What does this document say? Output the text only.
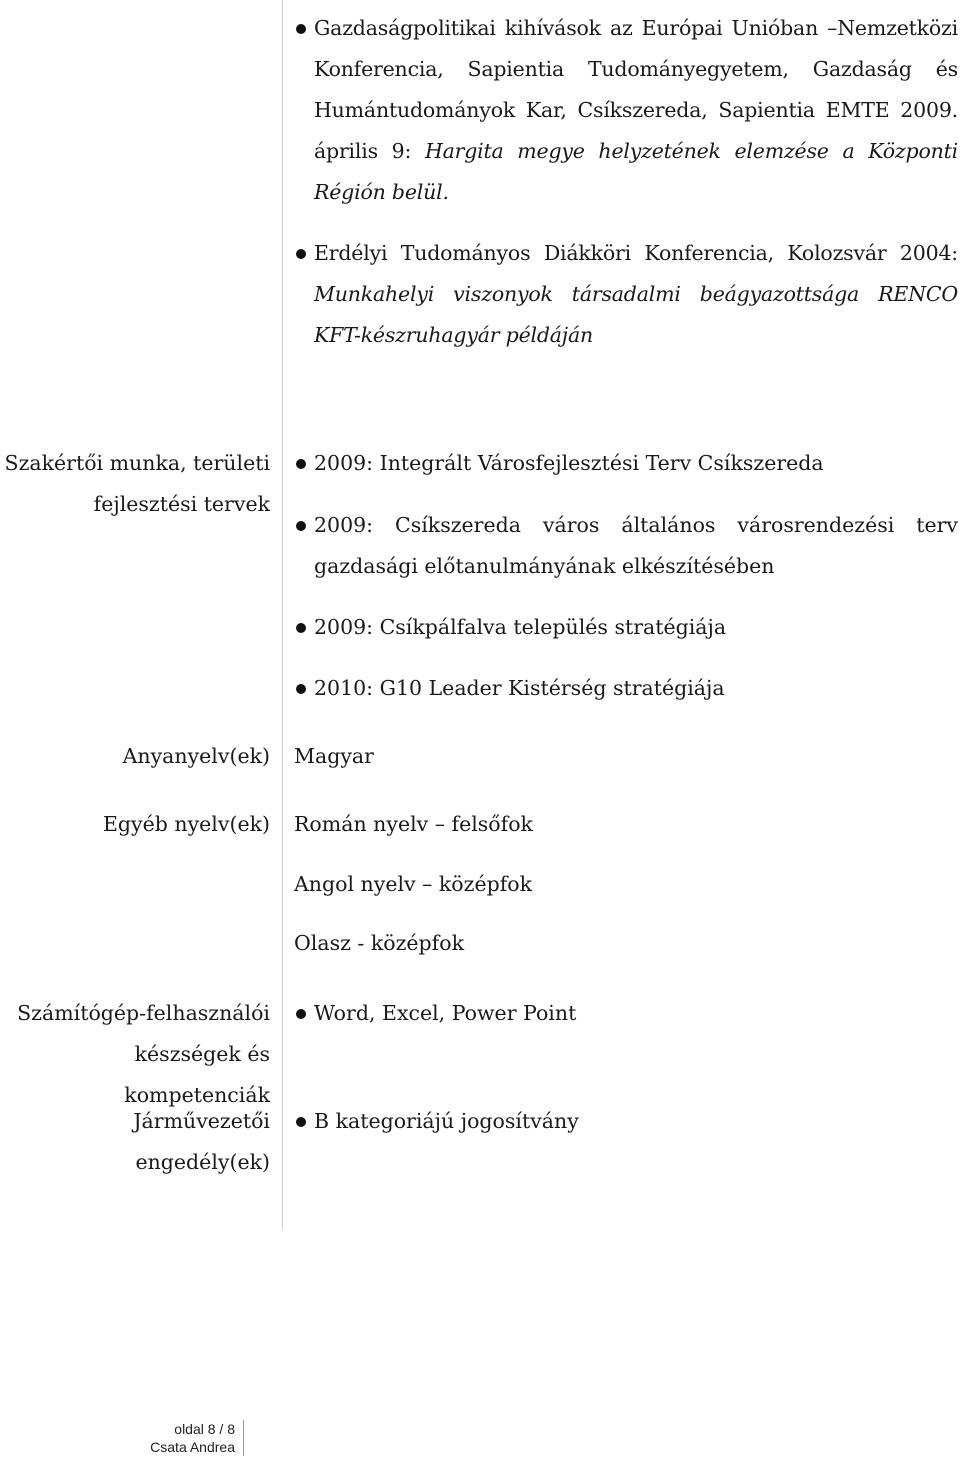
Gazdaságpolitikai kihívások az Európai Unióban –Nemzetközi Konferencia, Sapientia Tudományegyetem, Gazdaság és Humántudományok Kar, Csíkszereda, Sapientia EMTE 2009. április 9: Hargita megye helyzetének elemzése a Központi Régión belül.
Erdélyi Tudományos Diákköri Konferencia, Kolozsvár 2004: Munkahelyi viszonyok társadalmi beágyazottsága RENCO KFT-készruhagyár példáján
Szakértői munka, területi
fejlesztési tervek
2009: Integrált Városfejlesztési Terv Csíkszereda
2009: Csíkszereda város általános városrendezési terv gazdasági előtanulmányának elkészítésében
2009: Csíkpálfalva település stratégiája
2010: G10 Leader Kistérség stratégiája
Anyanyelv(ek) Magyar
Egyéb nyelv(ek) Román nyelv – felsőfok
Angol nyelv – középfok
Olasz - középfok
Számítógép-felhasználói
készségek és kompetenciák
Word, Excel, Power Point
Járművezetői engedély(ek)
B kategoriájú jogosítvány
oldal 8 / 8
Csata Andrea
